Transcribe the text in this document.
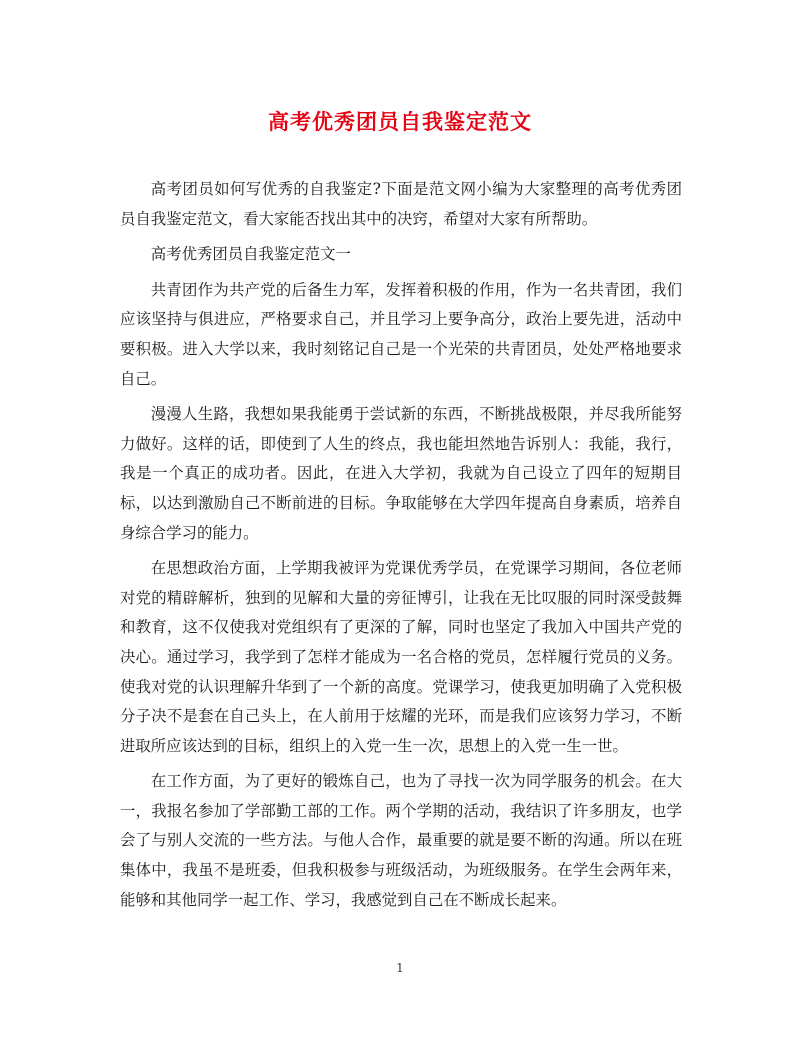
高考优秀团员自我鉴定范文

高考团员如何写优秀的自我鉴定?下面是范文网小编为大家整理的高考优秀团员自我鉴定范文，看大家能否找出其中的决窍，希望对大家有所帮助。

高考优秀团员自我鉴定范文一

共青团作为共产党的后备生力军，发挥着积极的作用，作为一名共青团，我们应该坚持与俱进应，严格要求自己，并且学习上要争高分，政治上要先进，活动中要积极。进入大学以来，我时刻铭记自己是一个光荣的共青团员，处处严格地要求自己。

漫漫人生路，我想如果我能勇于尝试新的东西，不断挑战极限，并尽我所能努力做好。这样的话，即使到了人生的终点，我也能坦然地告诉别人：我能，我行，我是一个真正的成功者。因此，在进入大学初，我就为自己设立了四年的短期目标，以达到激励自己不断前进的目标。争取能够在大学四年提高自身素质，培养自身综合学习的能力。

在思想政治方面，上学期我被评为党课优秀学员，在党课学习期间，各位老师对党的精辟解析，独到的见解和大量的旁征博引，让我在无比叹服的同时深受鼓舞和教育，这不仅使我对党组织有了更深的了解，同时也坚定了我加入中国共产党的决心。通过学习，我学到了怎样才能成为一名合格的党员，怎样履行党员的义务。使我对党的认识理解升华到了一个新的高度。党课学习，使我更加明确了入党积极分子决不是套在自己头上，在人前用于炫耀的光环，而是我们应该努力学习，不断进取所应该达到的目标，组织上的入党一生一次，思想上的入党一生一世。

在工作方面，为了更好的锻炼自己，也为了寻找一次为同学服务的机会。在大一，我报名参加了学部勤工部的工作。两个学期的活动，我结识了许多朋友，也学会了与别人交流的一些方法。与他人合作，最重要的就是要不断的沟通。所以在班集体中，我虽不是班委，但我积极参与班级活动，为班级服务。在学生会两年来，能够和其他同学一起工作、学习，我感觉到自己在不断成长起来。

1
